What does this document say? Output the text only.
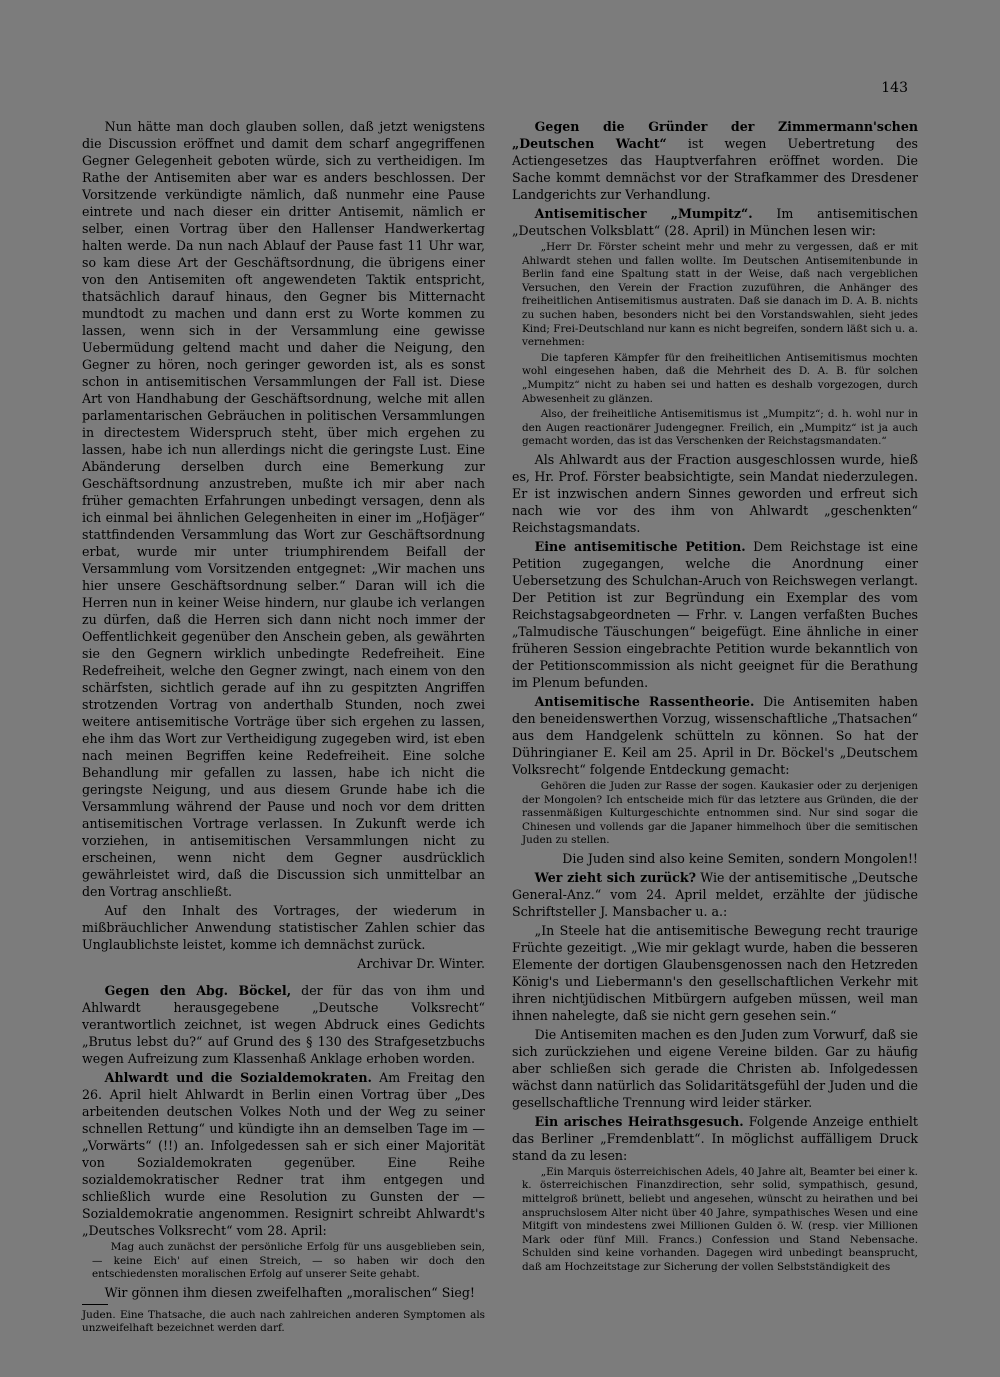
143

Nun hätte man doch glauben sollen, daß jetzt wenigstens die Discussion eröffnet und damit dem scharf angegriffenen Gegner Gelegenheit geboten würde, sich zu vertheidigen. Im Rathe der Antisemiten aber war es anders beschlossen. Der Vorsitzende verkündigte nämlich, daß nunmehr eine Pause eintrete und nach dieser ein dritter Antisemit, nämlich er selber, einen Vortrag über den Hallenser Handwerkertag halten werde. Da nun nach Ablauf der Pause fast 11 Uhr war, so kam diese Art der Geschäftsordnung, die übrigens einer von den Antisemiten oft angewendeten Taktik entspricht, thatsächlich darauf hinaus, den Gegner bis Mitternacht mundtodt zu machen und dann erst zu Worte kommen zu lassen, wenn sich in der Versammlung eine gewisse Uebermüdung geltend macht und daher die Neigung, den Gegner zu hören, noch geringer geworden ist, als es sonst schon in antisemitischen Versammlungen der Fall ist. Diese Art von Handhabung der Geschäftsordnung, welche mit allen parlamentarischen Gebräuchen in politischen Versammlungen in directestem Widerspruch steht, über mich ergehen zu lassen, habe ich nun allerdings nicht die geringste Lust. Eine Abänderung derselben durch eine Bemerkung zur Geschäftsordnung anzustreben, mußte ich mir aber nach früher gemachten Erfahrungen unbedingt versagen, denn als ich einmal bei ähnlichen Gelegenheiten in einer im „Hofjäger“ stattfindenden Versammlung das Wort zur Geschäftsordnung erbat, wurde mir unter triumphirendem Beifall der Versammlung vom Vorsitzenden entgegnet: „Wir machen uns hier unsere Geschäftsordnung selber.“ Daran will ich die Herren nun in keiner Weise hindern, nur glaube ich verlangen zu dürfen, daß die Herren sich dann nicht noch immer der Oeffentlichkeit gegenüber den Anschein geben, als gewährten sie den Gegnern wirklich unbedingte Redefreiheit. Eine Redefreiheit, welche den Gegner zwingt, nach einem von den schärfsten, sichtlich gerade auf ihn zu gespitzten Angriffen strotzenden Vortrag von anderthalb Stunden, noch zwei weitere antisemitische Vorträge über sich ergehen zu lassen, ehe ihm das Wort zur Vertheidigung zugegeben wird, ist eben nach meinen Begriffen keine Redefreiheit. Eine solche Behandlung mir gefallen zu lassen, habe ich nicht die geringste Neigung, und aus diesem Grunde habe ich die Versammlung während der Pause und noch vor dem dritten antisemitischen Vortrage verlassen. In Zukunft werde ich vorziehen, in antisemitischen Versammlungen nicht zu erscheinen, wenn nicht dem Gegner ausdrücklich gewährleistet wird, daß die Discussion sich unmittelbar an den Vortrag anschließt.

Auf den Inhalt des Vortrages, der wiederum in mißbräuchlicher Anwendung statistischer Zahlen schier das Unglaublichste leistet, komme ich demnächst zurück.

Archivar Dr. Winter.

Gegen den Abg. Böckel, der für das von ihm und Ahlwardt herausgegebene „Deutsche Volksrecht“ verantwortlich zeichnet, ist wegen Abdruck eines Gedichts „Brutus lebst du?“ auf Grund des § 130 des Strafgesetzbuchs wegen Aufreizung zum Klassenhaß Anklage erhoben worden.

Ahlwardt und die Sozialdemokraten. Am Freitag den 26. April hielt Ahlwardt in Berlin einen Vortrag über „Des arbeitenden deutschen Volkes Noth und der Weg zu seiner schnellen Rettung“ und kündigte ihn an demselben Tage im — „Vorwärts“ (!!) an. Infolgedessen sah er sich einer Majorität von Sozialdemokraten gegenüber. Eine Reihe sozialdemokratischer Redner trat ihm entgegen und schließlich wurde eine Resolution zu Gunsten der — Sozialdemokratie angenommen. Resignirt schreibt Ahlwardt's „Deutsches Volksrecht“ vom 28. April:

Mag auch zunächst der persönliche Erfolg für uns ausgeblieben sein, — keine Eich' auf einen Streich, — so haben wir doch den entschiedensten moralischen Erfolg auf unserer Seite gehabt.

Wir gönnen ihm diesen zweifelhaften „moralischen“ Sieg!

Juden. Eine Thatsache, die auch nach zahlreichen anderen Symptomen als unzweifelhaft bezeichnet werden darf.

Gegen die Gründer der Zimmermann'schen „Deutschen Wacht“ ist wegen Uebertretung des Actiengesetzes das Hauptverfahren eröffnet worden. Die Sache kommt demnächst vor der Strafkammer des Dresdener Landgerichts zur Verhandlung.

Antisemitischer „Mumpitz“. Im antisemitischen „Deutschen Volksblatt“ (28. April) in München lesen wir:

„Herr Dr. Förster scheint mehr und mehr zu vergessen, daß er mit Ahlwardt stehen und fallen wollte. Im Deutschen Antisemitenbunde in Berlin fand eine Spaltung statt in der Weise, daß nach vergeblichen Versuchen, den Verein der Fraction zuzuführen, die Anhänger des freiheitlichen Antisemitismus austraten. Daß sie danach im D. A. B. nichts zu suchen haben, besonders nicht bei den Vorstandswahlen, sieht jedes Kind; Frei-Deutschland nur kann es nicht begreifen, sondern läßt sich u. a. vernehmen:

Die tapferen Kämpfer für den freiheitlichen Antisemitismus mochten wohl eingesehen haben, daß die Mehrheit des D. A. B. für solchen „Mumpitz“ nicht zu haben sei und hatten es deshalb vorgezogen, durch Abwesenheit zu glänzen.

Also, der freiheitliche Antisemitismus ist „Mumpitz“; d. h. wohl nur in den Augen reactionärer Judengegner. Freilich, ein „Mumpitz“ ist ja auch gemacht worden, das ist das Verschenken der Reichstagsmandaten.“

Als Ahlwardt aus der Fraction ausgeschlossen wurde, hieß es, Hr. Prof. Förster beabsichtigte, sein Mandat niederzulegen. Er ist inzwischen andern Sinnes geworden und erfreut sich nach wie vor des ihm von Ahlwardt „geschenkten“ Reichstagsmandats.

Eine antisemitische Petition. Dem Reichstage ist eine Petition zugegangen, welche die Anordnung einer Uebersetzung des Schulchan-Aruch von Reichswegen verlangt. Der Petition ist zur Begründung ein Exemplar des vom Reichstagsabgeordneten — Frhr. v. Langen verfaßten Buches „Talmudische Täuschungen“ beigefügt. Eine ähnliche in einer früheren Session eingebrachte Petition wurde bekanntlich von der Petitionscommission als nicht geeignet für die Berathung im Plenum befunden.

Antisemitische Rassentheorie. Die Antisemiten haben den beneidenswerthen Vorzug, wissenschaftliche „Thatsachen“ aus dem Handgelenk schütteln zu können. So hat der Dühringianer E. Keil am 25. April in Dr. Böckel's „Deutschem Volksrecht“ folgende Entdeckung gemacht:

Gehören die Juden zur Rasse der sogen. Kaukasier oder zu derjenigen der Mongolen? Ich entscheide mich für das letztere aus Gründen, die der rassenmäßigen Kulturgeschichte entnommen sind. Nur sind sogar die Chinesen und vollends gar die Japaner himmelhoch über die semitischen Juden zu stellen.

Die Juden sind also keine Semiten, sondern Mongolen!!

Wer zieht sich zurück? Wie der antisemitische „Deutsche General-Anz.“ vom 24. April meldet, erzählte der jüdische Schriftsteller J. Mansbacher u. a.:

„In Steele hat die antisemitische Bewegung recht traurige Früchte gezeitigt. „Wie mir geklagt wurde, haben die besseren Elemente der dortigen Glaubensgenossen nach den Hetzreden König's und Liebermann's den gesellschaftlichen Verkehr mit ihren nichtjüdischen Mitbürgern aufgeben müssen, weil man ihnen nahelegte, daß sie nicht gern gesehen sein.“

Die Antisemiten machen es den Juden zum Vorwurf, daß sie sich zurückziehen und eigene Vereine bilden. Gar zu häufig aber schließen sich gerade die Christen ab. Infolgedessen wächst dann natürlich das Solidaritätsgefühl der Juden und die gesellschaftliche Trennung wird leider stärker.

Ein arisches Heirathsgesuch. Folgende Anzeige enthielt das Berliner „Fremdenblatt“. In möglichst auffälligem Druck stand da zu lesen:

„Ein Marquis österreichischen Adels, 40 Jahre alt, Beamter bei einer k. k. österreichischen Finanzdirection, sehr solid, sympathisch, gesund, mittelgroß brünett, beliebt und angesehen, wünscht zu heirathen und bei anspruchslosem Alter nicht über 40 Jahre, sympathisches Wesen und eine Mitgift von mindestens zwei Millionen Gulden ö. W. (resp. vier Millionen Mark oder fünf Mill. Francs.) Confession und Stand Nebensache. Schulden sind keine vorhanden. Dagegen wird unbedingt beansprucht, daß am Hochzeitstage zur Sicherung der vollen Selbstständigkeit des
